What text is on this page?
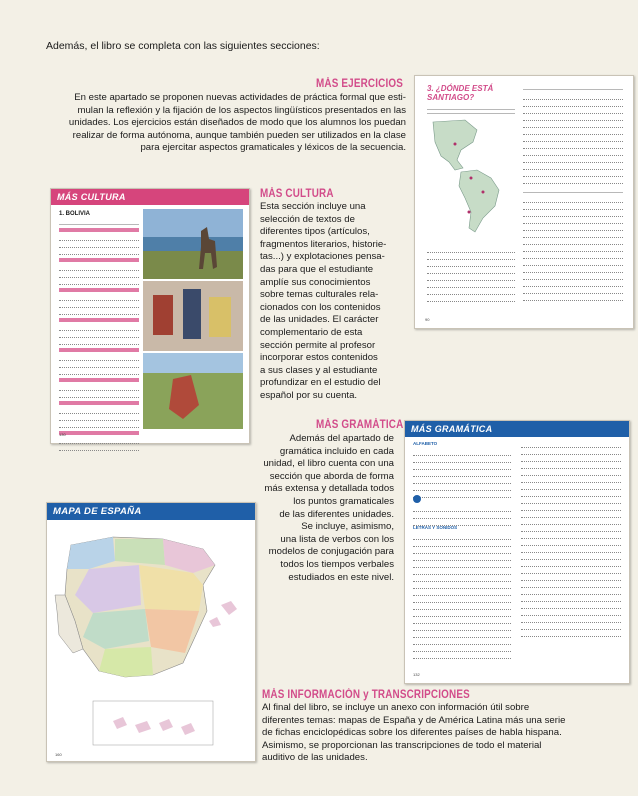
Además, el libro se completa con las siguientes secciones:
MÁS EJERCICIOS
En este apartado se proponen nuevas actividades de práctica formal que esti-
mulan la reflexión y la fijación de los aspectos lingüísticos presentados en las
unidades. Los ejercicios están diseñados de modo que los alumnos los puedan
realizar de forma autónoma, aunque también pueden ser utilizados en la clase
para ejercitar aspectos gramaticales y léxicos de la secuencia.
3. ¿DÓNDE ESTÁ SANTIAGO?
90
MÁS CULTURA
1. BOLIVIA
130
MÁS CULTURA
Esta sección incluye una
selección de textos de
diferentes tipos (artículos,
fragmentos literarios, historie-
tas...) y explotaciones pensa-
das para que el estudiante
amplíe sus conocimientos
sobre temas culturales rela-
cionados con los contenidos
de las unidades. El carácter
complementario de esta
sección permite al profesor
incorporar estos contenidos
a sus clases y al estudiante
profundizar en el estudio del
español por su cuenta.
MÁS GRAMÁTICA
Además del apartado de
gramática incluido en cada
unidad, el libro cuenta con una
sección que aborda de forma
más extensa y detallada todos
los puntos gramaticales
de las diferentes unidades.
Se incluye, asimismo,
una lista de verbos con los
modelos de conjugación para
todos los tiempos verbales
estudiados en este nivel.
MÁS GRAMÁTICA
ALFABETO
LETRAS Y SONIDOS
132
MAPA DE ESPAÑA
160
MÁS INFORMACIÓN y TRANSCRIPCIONES
Al final del libro, se incluye un anexo con información útil sobre
diferentes temas: mapas de España y de América Latina más una serie
de fichas enciclopédicas sobre los diferentes países de habla hispana.
Asimismo, se proporcionan las transcripciones de todo el material
auditivo de las unidades.
